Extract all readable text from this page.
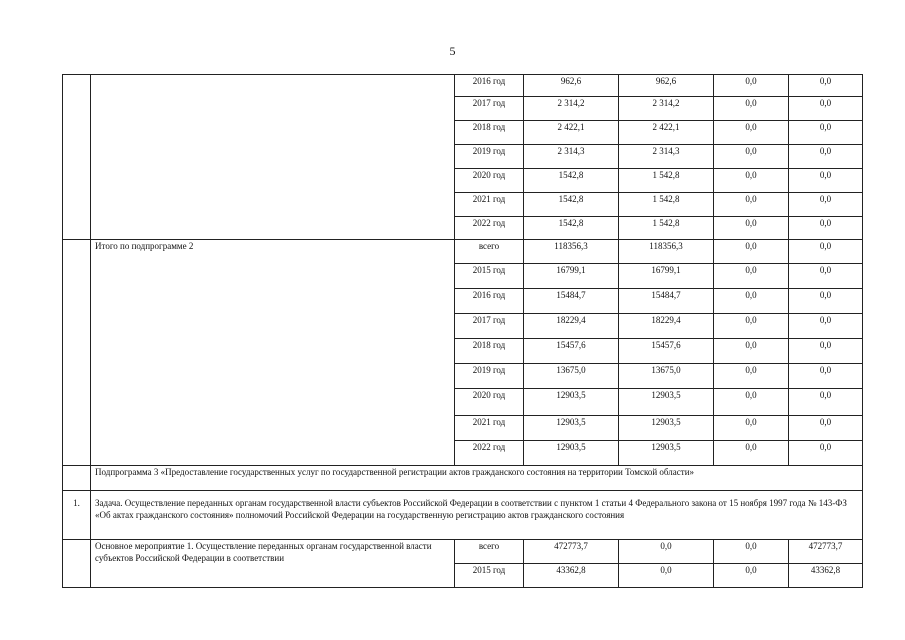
5
		2016 год	962,6	962,6	0,0	0,0
		2017 год	2 314,2	2 314,2	0,0	0,0
		2018 год	2 422,1	2 422,1	0,0	0,0
		2019 год	2 314,3	2 314,3	0,0	0,0
		2020 год	1542,8	1 542,8	0,0	0,0
		2021 год	1542,8	1 542,8	0,0	0,0
		2022 год	1542,8	1 542,8	0,0	0,0
	Итого по подпрограмме 2	всего	118356,3	118356,3	0,0	0,0
		2015 год	16799,1	16799,1	0,0	0,0
		2016 год	15484,7	15484,7	0,0	0,0
		2017 год	18229,4	18229,4	0,0	0,0
		2018 год	15457,6	15457,6	0,0	0,0
		2019 год	13675,0	13675,0	0,0	0,0
		2020 год	12903,5	12903,5	0,0	0,0
		2021 год	12903,5	12903,5	0,0	0,0
		2022 год	12903,5	12903,5	0,0	0,0
	Подпрограмма 3 «Предоставление государственных услуг по государственной регистрации актов гражданского состояния на территории Томской области»					
1.	Задача. Осуществление переданных органам государственной власти субъектов Российской Федерации в соответствии с пунктом 1 статьи 4 Федерального закона от 15 ноября 1997 года № 143-ФЗ «Об актах гражданского состояния» полномочий Российской Федерации на государственную регистрацию актов гражданского состояния					
	Основное мероприятие 1. Осуществление переданных органам государственной власти субъектов Российской Федерации в соответствии	всего	472773,7	0,0	0,0	472773,7
		2015 год	43362,8	0,0	0,0	43362,8
